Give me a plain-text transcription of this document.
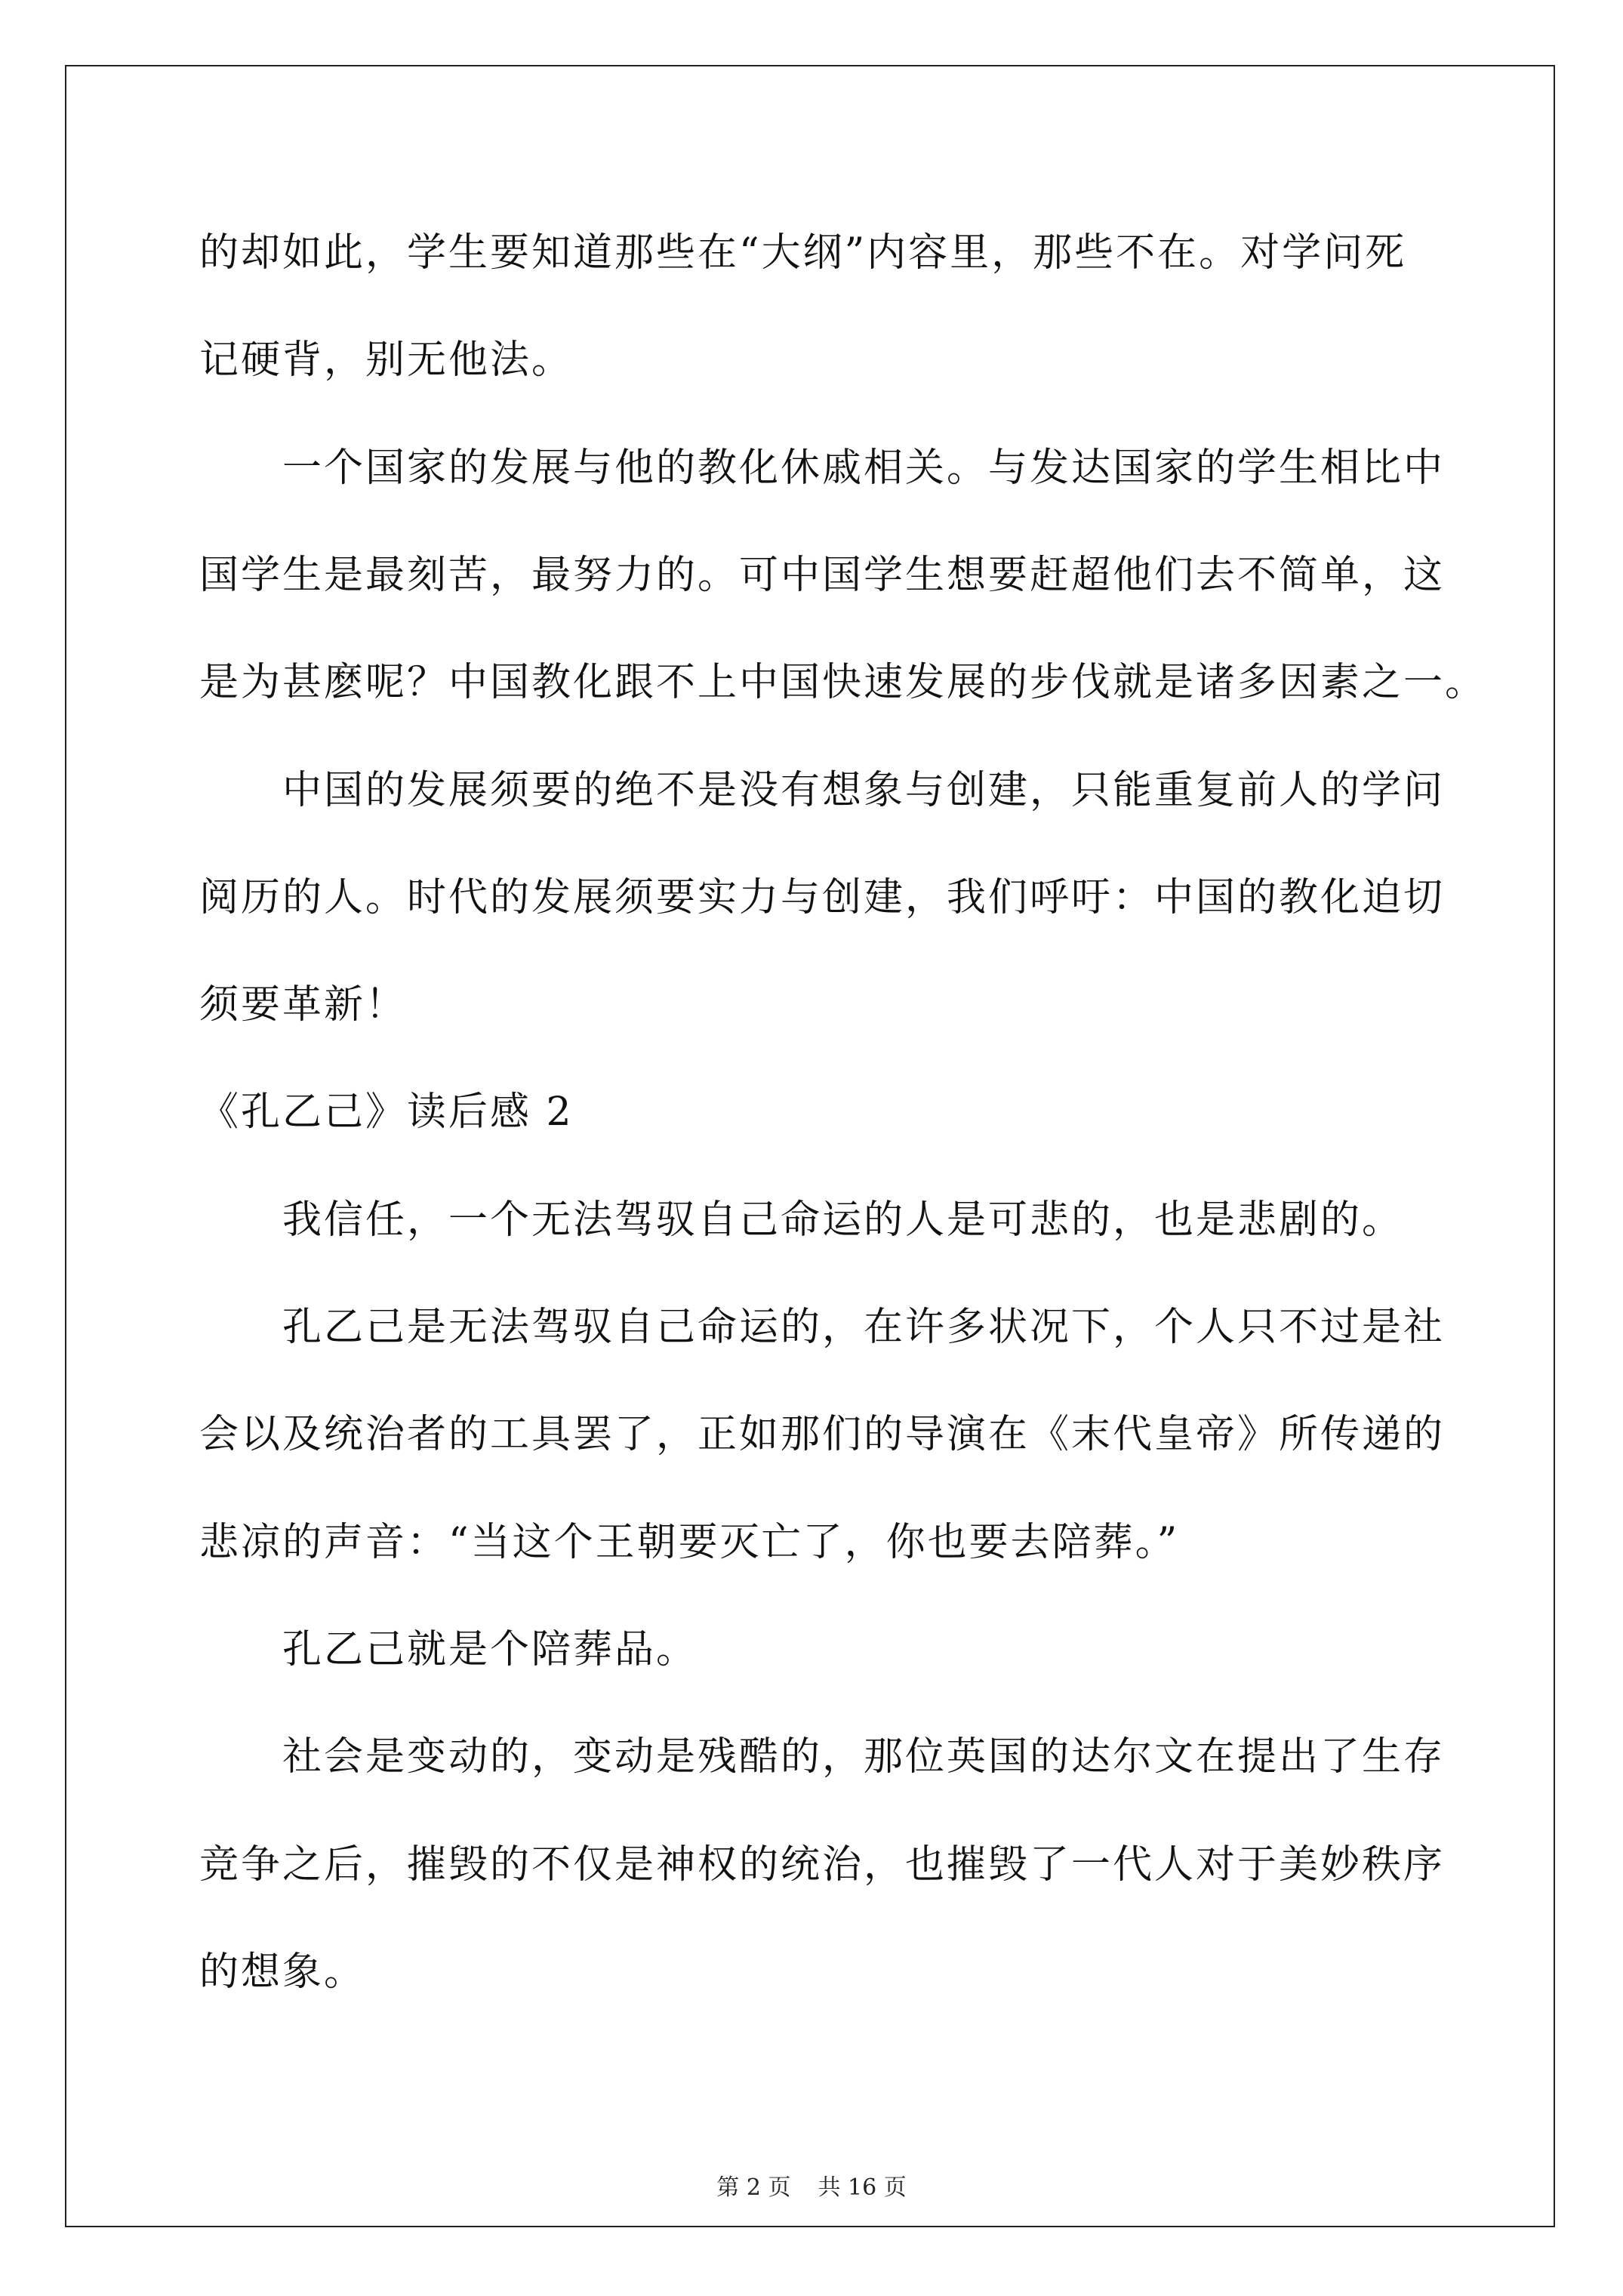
的却如此，学生要知道那些在“大纲”内容里，那些不在。对学问死
记硬背，别无他法。
一个国家的发展与他的教化休戚相关。与发达国家的学生相比中
国学生是最刻苦，最努力的。可中国学生想要赶超他们去不简单，这
是为甚麽呢？中国教化跟不上中国快速发展的步伐就是诸多因素之一。
中国的发展须要的绝不是没有想象与创建，只能重复前人的学问
阅历的人。时代的发展须要实力与创建，我们呼吁：中国的教化迫切
须要革新！
《孔乙己》读后感 2
我信任，一个无法驾驭自己命运的人是可悲的，也是悲剧的。
孔乙己是无法驾驭自己命运的，在许多状况下，个人只不过是社
会以及统治者的工具罢了，正如那们的导演在《末代皇帝》所传递的
悲凉的声音：“当这个王朝要灭亡了，你也要去陪葬。”
孔乙己就是个陪葬品。
社会是变动的，变动是残酷的，那位英国的达尔文在提出了生存
竞争之后，摧毁的不仅是神权的统治，也摧毁了一代人对于美妙秩序
的想象。
第 2 页 共 16 页
